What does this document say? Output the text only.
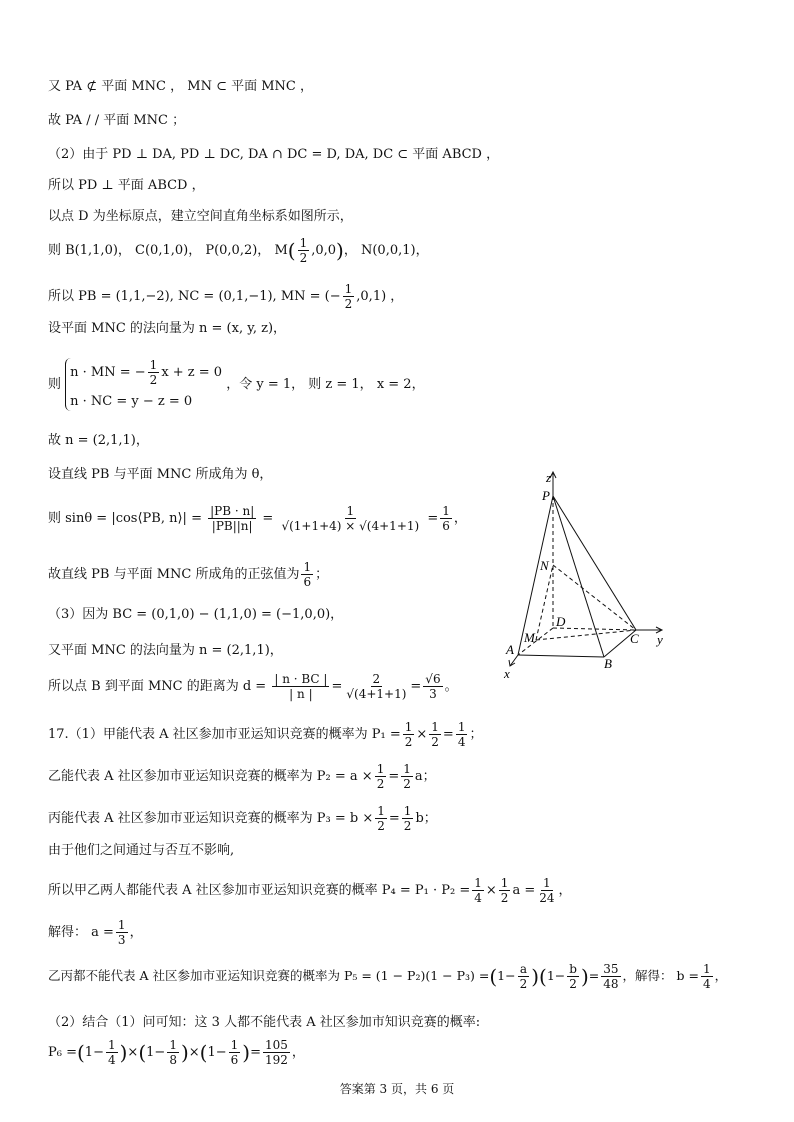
又 PA ⊄ 平面 MNC ， MN ⊂ 平面 MNC ，
故 PA / / 平面 MNC ；
（2）由于 PD ⊥ DA, PD ⊥ DC, DA ∩ DC = D, DA, DC ⊂ 平面 ABCD ，
所以 PD ⊥ 平面 ABCD ，
以点 D 为坐标原点，建立空间直角坐标系如图所示，
则 B(1,1,0)， C(0,1,0)， P(0,0,2)， $M( \frac{1}{2} ,0,0)$， N(0,0,1)，
所以 PB = (1,1,−2), NC = (0,1,−1), MN = (− $\frac{1}{2} ,0,1$) ，
设平面 MNC 的法向量为 n = (x, y, z)，
则
n · MN = − $\frac{1}{2}$ x + z = 0
n · NC = y − z = 0
，令 y = 1， 则 z = 1， x = 2，
故 n = (2,1,1)，
设直线 PB 与平面 MNC 所成角为 θ，
则 sinθ = |cos⟨PB, n⟩| = $\frac{|PB \cdot n|}{|PB||n|} = \frac{1}{√(1+1+4) \times √(4+1+1)} = \frac{1}{6}$ ，
故直线 PB 与平面 MNC 所成角的正弦值为 $\frac{1}{6}$ ；
（3）因为 BC = (0,1,0) − (1,1,0) = (−1,0,0)，
又平面 MNC 的法向量为 n = (2,1,1)，
所以点 B 到平面 MNC 的距离为 $d = \frac{| n \cdot BC |}{| n |} = \frac{2}{√(4+1+1)} = \frac{√6}{3}$ 。
17.（1）甲能代表 A 社区参加市亚运知识竞赛的概率为 $P_1 = \frac{1}{2} \times \frac{1}{2} = \frac{1}{4}$ ；
乙能代表 A 社区参加市亚运知识竞赛的概率为 $P_2 = a \times \frac{1}{2} = \frac{1}{2}$ a；
丙能代表 A 社区参加市亚运知识竞赛的概率为 $P_3 = b \times \frac{1}{2} = \frac{1}{2}$ b；
由于他们之间通过与否互不影响,
所以甲乙两人都能代表 A 社区参加市亚运知识竞赛的概率 $P_4 = P_1 \cdot P_2 = \frac{1}{4} \times \frac{1}{2}$ $a = \frac{1}{24}$ ，
解得： $a = \frac{1}{3}$ ，
乙丙都不能代表 A 社区参加市亚运知识竞赛的概率为 $P_5 = (1 - P_2)(1 - P_3) =(1- \frac{a}{2} )(1- \frac{b}{2}$ )= $\frac{35}{48}$ ，解得： $b = \frac{1}{4}$ ，
（2）结合（1）问可知：这 3 人都不能代表 A 社区参加市知识竞赛的概率:
$P_6 =(1- \frac{1}{4} )\times(1- \frac{1}{8} )\times(1- \frac{1}{6}$ )= $\frac{105}{192}$ ，
z
P
N
D
M
A
C
B
x
y
答案第 3 页，共 6 页
